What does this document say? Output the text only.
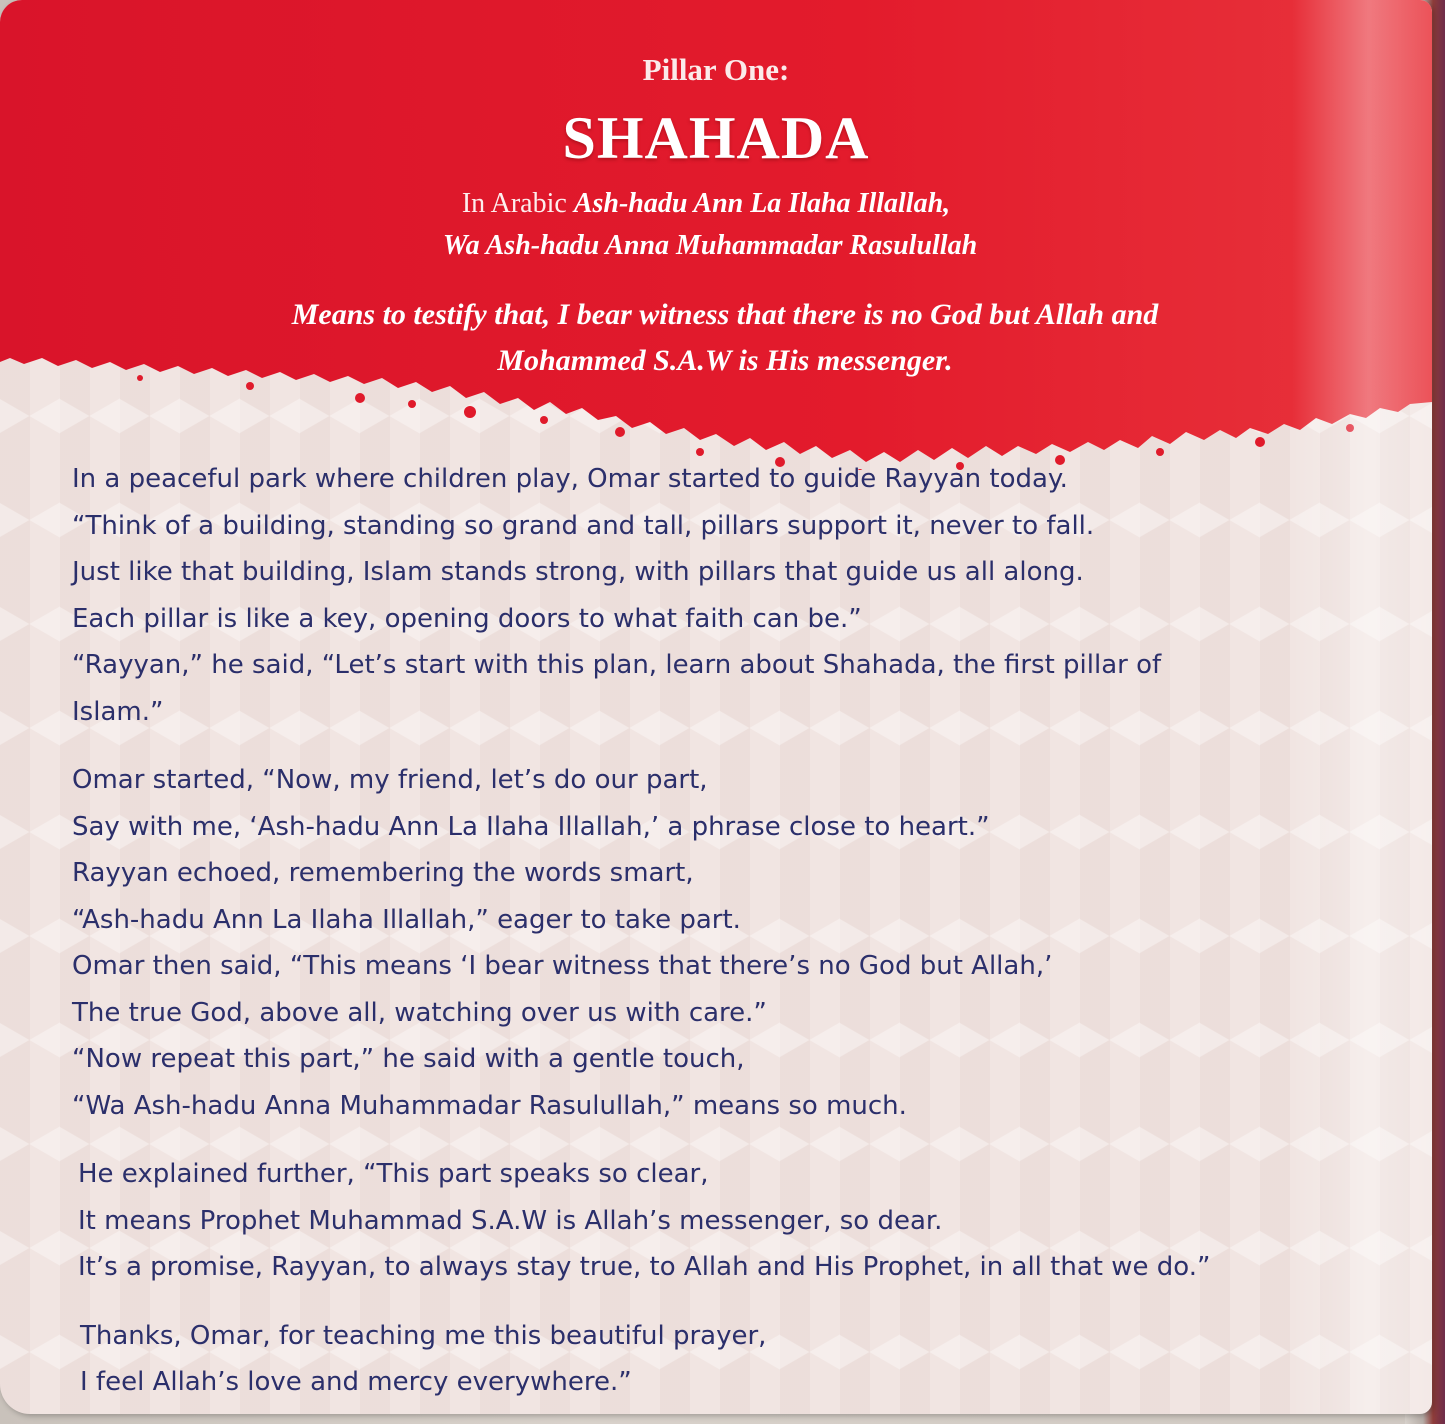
Pillar One:
SHAHADA
In Arabic Ash-hadu Ann La Ilaha Illallah,
Wa Ash-hadu Anna Muhammadar Rasulullah
Means to testify that, I bear witness that there is no God but Allah and
Mohammed S.A.W is His messenger.
In a peaceful park where children play, Omar started to guide Rayyan today.
“Think of a building, standing so grand and tall, pillars support it, never to fall.
Just like that building, Islam stands strong, with pillars that guide us all along.
Each pillar is like a key, opening doors to what faith can be.”
“Rayyan,” he said, “Let’s start with this plan, learn about Shahada, the first pillar of
Islam.”
Omar started, “Now, my friend, let’s do our part,
Say with me, ‘Ash-hadu Ann La Ilaha Illallah,’ a phrase close to heart.”
Rayyan echoed, remembering the words smart,
“Ash-hadu Ann La Ilaha Illallah,” eager to take part.
Omar then said, “This means ‘I bear witness that there’s no God but Allah,’
The true God, above all, watching over us with care.”
“Now repeat this part,” he said with a gentle touch,
“Wa Ash-hadu Anna Muhammadar Rasulullah,” means so much.
He explained further, “This part speaks so clear,
It means Prophet Muhammad S.A.W is Allah’s messenger, so dear.
It’s a promise, Rayyan, to always stay true, to Allah and His Prophet, in all that we do.”
Thanks, Omar, for teaching me this beautiful prayer,
I feel Allah’s love and mercy everywhere.”
